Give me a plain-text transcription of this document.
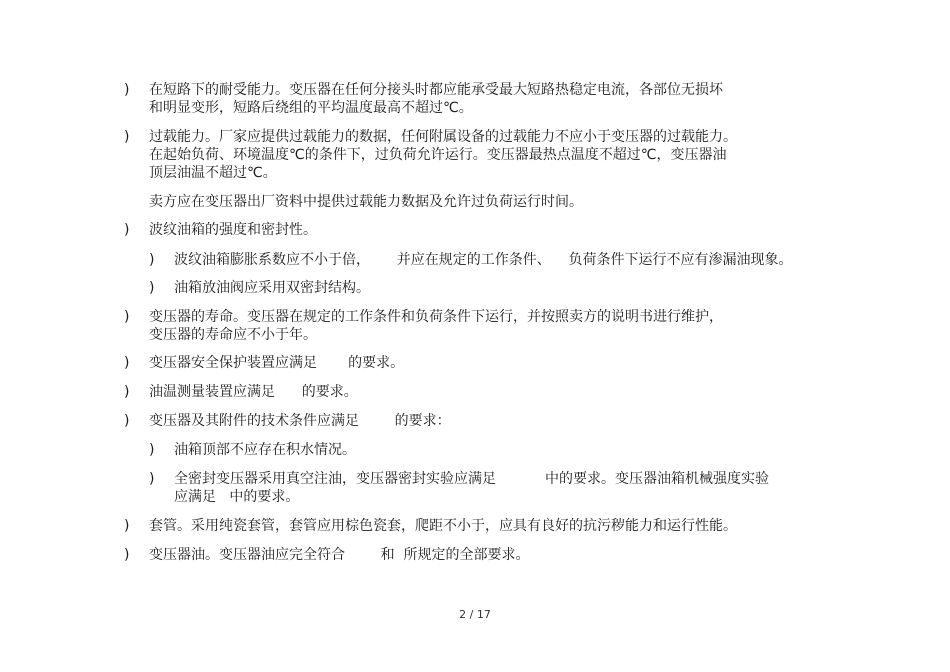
) 在短路下的耐受能力。变压器在任何分接头时都应能承受最大短路热稳定电流，各部位无损坏
和明显变形，短路后绕组的平均温度最高不超过℃。
) 过载能力。厂家应提供过载能力的数据，任何附属设备的过载能力不应小于变压器的过载能力。
在起始负荷、环境温度℃的条件下，过负荷允许运行。变压器最热点温度不超过℃，变压器油
顶层油温不超过℃。
卖方应在变压器出厂资料中提供过载能力数据及允许过负荷运行时间。
) 波纹油箱的强度和密封性。
) 波纹油箱膨胀系数应不小于倍，      并应在规定的工作条件、    负荷条件下运行不应有渗漏油现象。
) 油箱放油阀应采用双密封结构。
) 变压器的寿命。变压器在规定的工作条件和负荷条件下运行，并按照卖方的说明书进行维护，
变压器的寿命应不小于年。
) 变压器安全保护装置应满足       的要求。
) 油温测量装置应满足      的要求。
) 变压器及其附件的技术条件应满足        的要求：
) 油箱顶部不应存在积水情况。
) 全密封变压器采用真空注油，变压器密封实验应满足           中的要求。变压器油箱机械强度实验
应满足   中的要求。
) 套管。采用纯瓷套管，套管应用棕色瓷套，爬距不小于，应具有良好的抗污秽能力和运行性能。
) 变压器油。变压器油应完全符合        和  所规定的全部要求。
2 / 17
